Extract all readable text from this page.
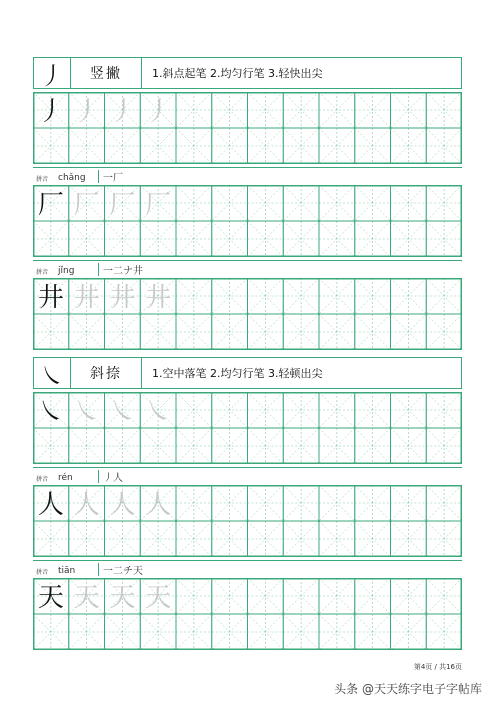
丿	竖撇	1.斜点起笔 2.均匀行笔 3.轻快出尖
丿 丿 丿 丿
拼音	chǎng	一厂
厂 厂 厂 厂
拼音	jǐng	一二ナ井
井 井 井 井
㇏	斜捺	1.空中落笔 2.均匀行笔 3.轻顿出尖
㇏ ㇏ ㇏ ㇏
拼音	rén	丿人
人 人 人 人
拼音	tiān	一二チ天
天 天 天 天
第4页 / 共16页
头条 @天天练字电子字帖库
